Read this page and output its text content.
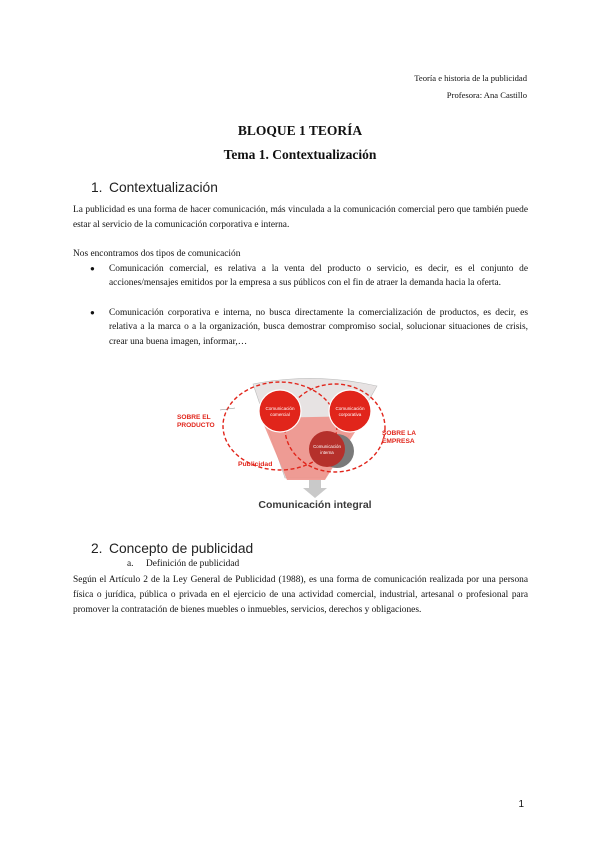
Teoría e historia de la publicidad
Profesora: Ana Castillo
BLOQUE 1 TEORÍA
Tema 1. Contextualización
1. Contextualización
La publicidad es una forma de hacer comunicación, más vinculada a la comunicación comercial pero que también puede estar al servicio de la comunicación corporativa e interna.
Nos encontramos dos tipos de comunicación
● Comunicación comercial, es relativa a la venta del producto o servicio, es decir, es el conjunto de acciones/mensajes emitidos por la empresa a sus públicos con el fin de atraer la demanda hacia la oferta.
● Comunicación corporativa e interna, no busca directamente la comercialización de productos, es decir, es relativa a la marca o a la organización, busca demostrar compromiso social, solucionar situaciones de crisis, crear una buena imagen, informar,…
Comunicación
comercial
Comunicación
corporativa
Comunicación
interna
SOBRE EL
PRODUCTO
SOBRE LA
EMPRESA
Publicidad
Comunicación integral
2. Concepto de publicidad
a. Definición de publicidad
Según el Artículo 2 de la Ley General de Publicidad (1988), es una forma de comunicación realizada por una persona física o jurídica, pública o privada en el ejercicio de una actividad comercial, industrial, artesanal o profesional para promover la contratación de bienes muebles o inmuebles, servicios, derechos y obligaciones.
1
